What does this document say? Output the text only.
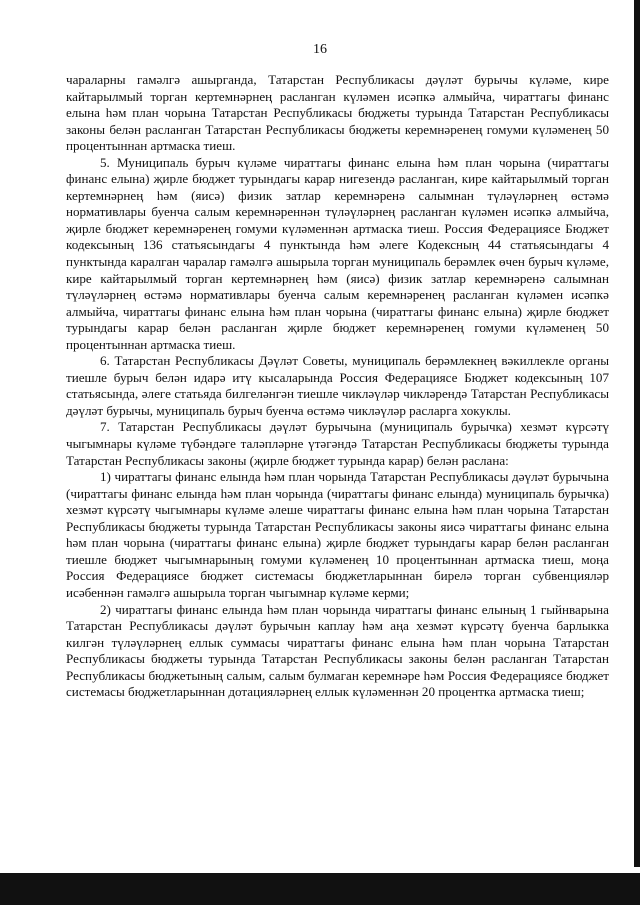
16

чараларны гамәлгә ашырганда, Татарстан Республикасы дәүләт бурычы күләме, кире кайтарылмый торган кертемнәрнең расланган күләмен исәпкә алмыйча, чираттагы финанс елына һәм план чорына Татарстан Республикасы бюджеты турында Татарстан Республикасы законы белән расланган Татарстан Республикасы бюджеты керемнәренең гомуми күләменең 50 процентыннан артмаска тиеш.

5. Муниципаль бурыч күләме чираттагы финанс елына һәм план чорына (чираттагы финанс елына) җирле бюджет турындагы карар нигезендә расланган, кире кайтарылмый торган кертемнәрнең һәм (яисә) физик затлар керемнәренә салымнан түләүләрнең өстәмә нормативлары буенча салым керемнәреннән түләүләрнең расланган күләмен исәпкә алмыйча, җирле бюджет керемнәренең гомуми күләменнән артмаска тиеш. Россия Федерациясе Бюджет кодексының 136 статьясындагы 4 пунктында һәм әлеге Кодексның 44 статьясындагы 4 пунктында каралган чаралар гамәлгә ашырыла торган муниципаль берәмлек өчен бурыч күләме, кире кайтарылмый торган кертемнәрнең һәм (яисә) физик затлар керемнәренә салымнан түләүләрнең өстәмә нормативлары буенча салым керемнәренең расланган күләмен исәпкә алмыйча, чираттагы финанс елына һәм план чорына (чираттагы финанс елына) җирле бюджет турындагы карар белән расланган җирле бюджет керемнәренең гомуми күләменең 50 процентыннан артмаска тиеш.

6. Татарстан Республикасы Дәүләт Советы, муниципаль берәмлекнең вәкиллекле органы тиешле бурыч белән идарә итү кысаларында Россия Федерациясе Бюджет кодексының 107 статьясында, әлеге статьяда билгеләнгән тиешле чикләүләр чикләрендә Татарстан Республикасы дәүләт бурычы, муниципаль бурыч буенча өстәмә чикләүләр расларга хокуклы.

7. Татарстан Республикасы дәүләт бурычына (муниципаль бурычка) хезмәт күрсәтү чыгымнары күләме түбәндәге таләпләрне үтәгәндә Татарстан Республикасы бюджеты турында Татарстан Республикасы законы (җирле бюджет турында карар) белән раслана:

1) чираттагы финанс елында һәм план чорында Татарстан Республикасы дәүләт бурычына (чираттагы финанс елында һәм план чорында (чираттагы финанс елында) муниципаль бурычка) хезмәт күрсәтү чыгымнары күләме әлеше чираттагы финанс елына һәм план чорына Татарстан Республикасы бюджеты турында Татарстан Республикасы законы яисә чираттагы финанс елына һәм план чорына (чираттагы финанс елына) җирле бюджет турындагы карар белән расланган тиешле бюджет чыгымнарының гомуми күләменең 10 процентыннан артмаска тиеш, моңа Россия Федерациясе бюджет системасы бюджетларыннан бирелә торган субвенцияләр исәбеннән гамәлгә ашырыла торган чыгымнар күләме керми;

2) чираттагы финанс елында һәм план чорында чираттагы финанс елының 1 гыйнварына Татарстан Республикасы дәүләт бурычын каплау һәм аңа хезмәт күрсәтү буенча барлыкка килгән түләүләрнең еллык суммасы чираттагы финанс елына һәм план чорына Татарстан Республикасы бюджеты турында Татарстан Республикасы законы белән расланган Татарстан Республикасы бюджетының салым, салым булмаган керемнәре һәм Россия Федерациясе бюджет системасы бюджетларыннан дотацияләрнең еллык күләменнән 20 процентка артмаска тиеш;
